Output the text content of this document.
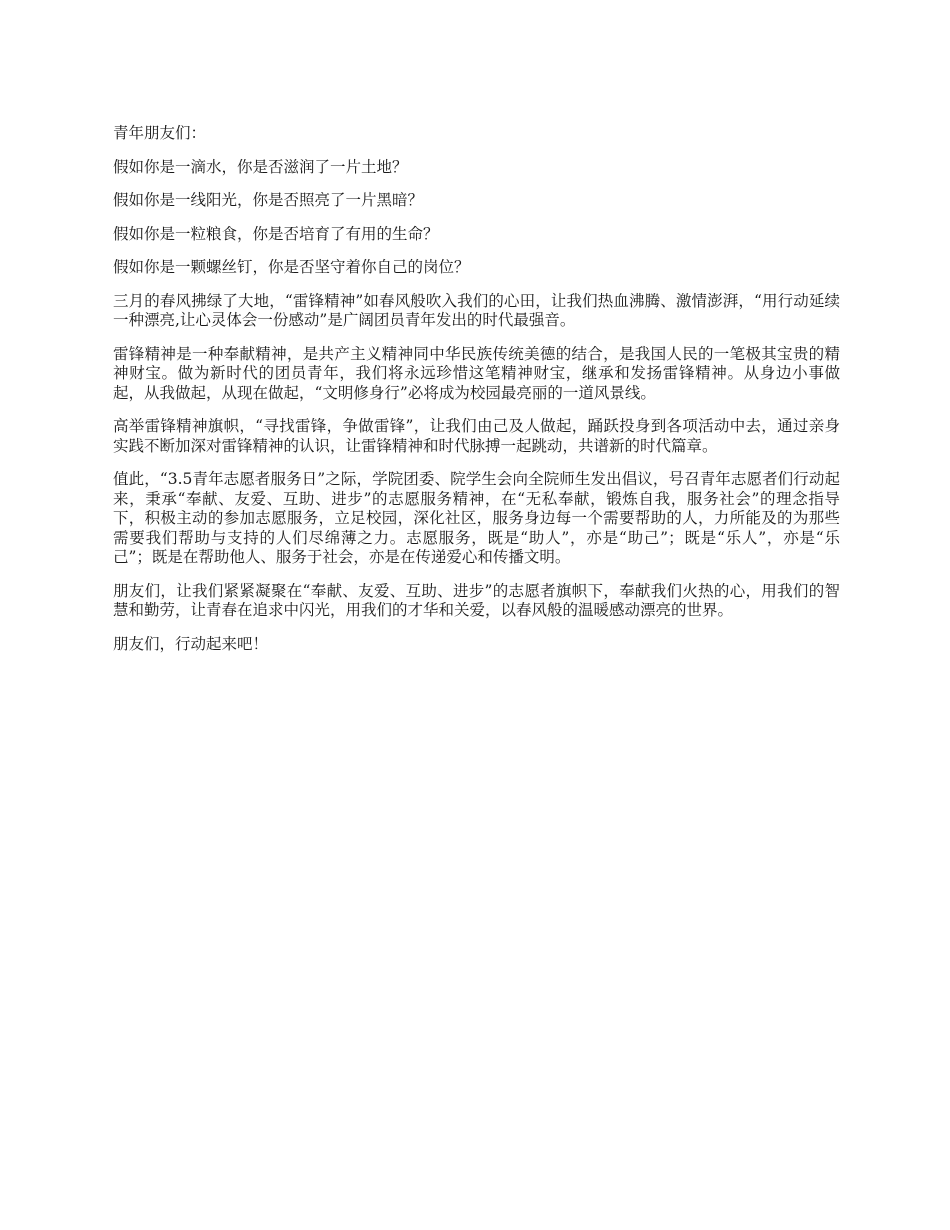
青年朋友们：

假如你是一滴水，你是否滋润了一片土地？

假如你是一线阳光，你是否照亮了一片黑暗？

假如你是一粒粮食，你是否培育了有用的生命？

假如你是一颗螺丝钉，你是否坚守着你自己的岗位？

三月的春风拂绿了大地，“雷锋精神”如春风般吹入我们的心田，让我们热血沸腾、激情澎湃，“用行动延续一种漂亮,让心灵体会一份感动”是广阔团员青年发出的时代最强音。

雷锋精神是一种奉献精神，是共产主义精神同中华民族传统美德的结合，是我国人民的一笔极其宝贵的精神财宝。做为新时代的团员青年，我们将永远珍惜这笔精神财宝，继承和发扬雷锋精神。从身边小事做起，从我做起，从现在做起，“文明修身行”必将成为校园最亮丽的一道风景线。

高举雷锋精神旗帜，“寻找雷锋，争做雷锋”，让我们由己及人做起，踊跃投身到各项活动中去，通过亲身实践不断加深对雷锋精神的认识，让雷锋精神和时代脉搏一起跳动，共谱新的时代篇章。

值此，“3.5青年志愿者服务日”之际，学院团委、院学生会向全院师生发出倡议，号召青年志愿者们行动起来，秉承“奉献、友爱、互助、进步”的志愿服务精神，在“无私奉献，锻炼自我，服务社会”的理念指导下，积极主动的参加志愿服务，立足校园，深化社区，服务身边每一个需要帮助的人，力所能及的为那些需要我们帮助与支持的人们尽绵薄之力。志愿服务，既是“助人”，亦是“助己”；既是“乐人”，亦是“乐己”；既是在帮助他人、服务于社会，亦是在传递爱心和传播文明。

朋友们，让我们紧紧凝聚在“奉献、友爱、互助、进步”的志愿者旗帜下，奉献我们火热的心，用我们的智慧和勤劳，让青春在追求中闪光，用我们的才华和关爱，以春风般的温暖感动漂亮的世界。

朋友们，行动起来吧！
